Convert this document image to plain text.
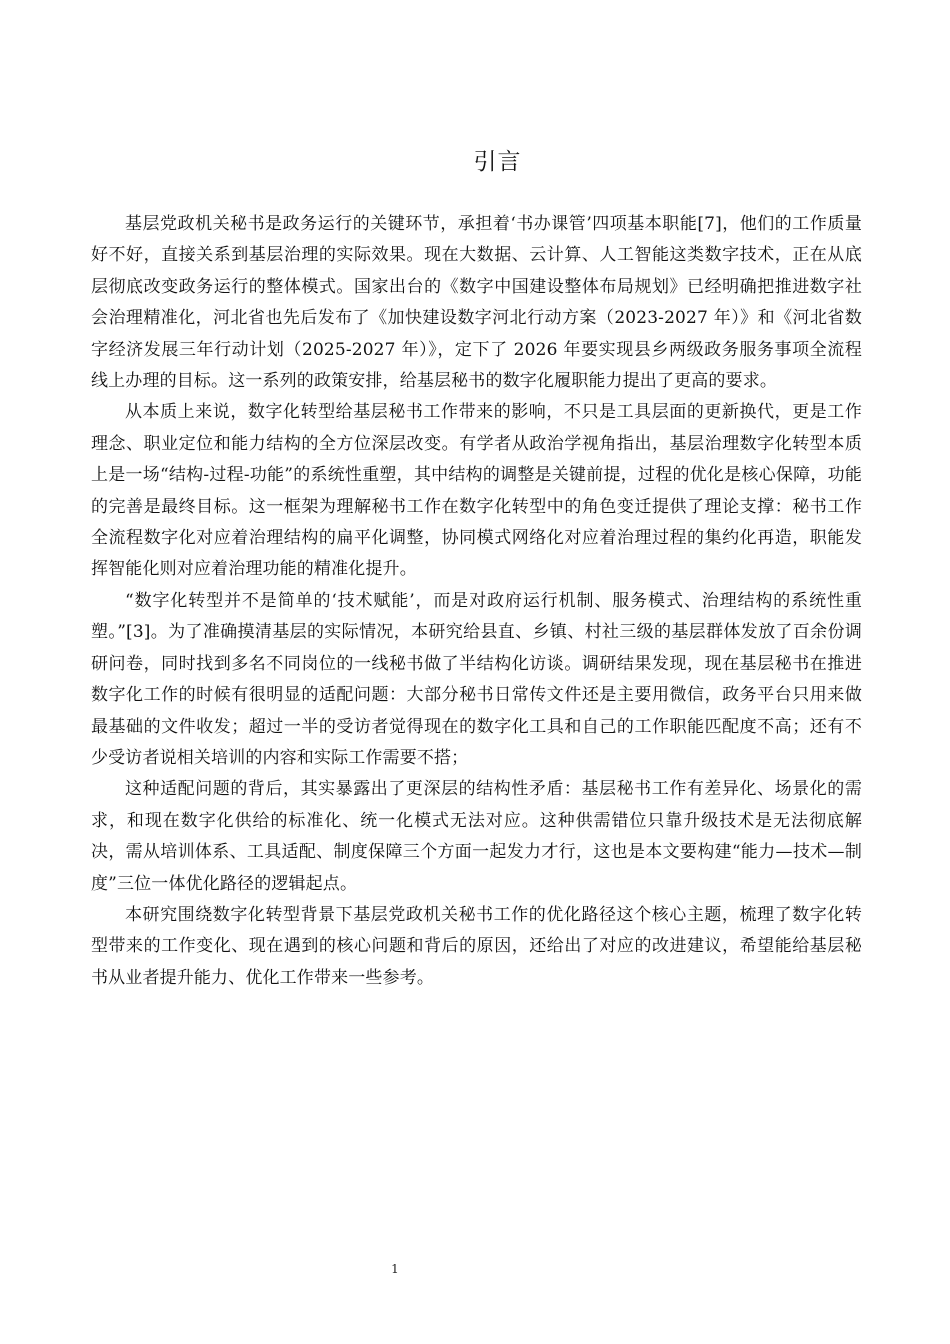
引言

基层党政机关秘书是政务运行的关键环节，承担着‘书办课管’四项基本职能[7]，他们的工作质量好不好，直接关系到基层治理的实际效果。现在大数据、云计算、人工智能这类数字技术，正在从底层彻底改变政务运行的整体模式。国家出台的《数字中国建设整体布局规划》已经明确把推进数字社会治理精准化，河北省也先后发布了《加快建设数字河北行动方案（2023-2027 年）》和《河北省数字经济发展三年行动计划（2025-2027 年）》，定下了 2026 年要实现县乡两级政务服务事项全流程线上办理的目标。这一系列的政策安排，给基层秘书的数字化履职能力提出了更高的要求。

从本质上来说，数字化转型给基层秘书工作带来的影响，不只是工具层面的更新换代，更是工作理念、职业定位和能力结构的全方位深层改变。有学者从政治学视角指出，基层治理数字化转型本质上是一场“结构-过程-功能”的系统性重塑，其中结构的调整是关键前提，过程的优化是核心保障，功能的完善是最终目标。这一框架为理解秘书工作在数字化转型中的角色变迁提供了理论支撑：秘书工作全流程数字化对应着治理结构的扁平化调整，协同模式网络化对应着治理过程的集约化再造，职能发挥智能化则对应着治理功能的精准化提升。

“数字化转型并不是简单的‘技术赋能’，而是对政府运行机制、服务模式、治理结构的系统性重塑。”[3]。为了准确摸清基层的实际情况，本研究给县直、乡镇、村社三级的基层群体发放了百余份调研问卷，同时找到多名不同岗位的一线秘书做了半结构化访谈。调研结果发现，现在基层秘书在推进数字化工作的时候有很明显的适配问题：大部分秘书日常传文件还是主要用微信，政务平台只用来做最基础的文件收发；超过一半的受访者觉得现在的数字化工具和自己的工作职能匹配度不高；还有不少受访者说相关培训的内容和实际工作需要不搭；

这种适配问题的背后，其实暴露出了更深层的结构性矛盾：基层秘书工作有差异化、场景化的需求，和现在数字化供给的标准化、统一化模式无法对应。这种供需错位只靠升级技术是无法彻底解决，需从培训体系、工具适配、制度保障三个方面一起发力才行，这也是本文要构建“能力—技术—制度”三位一体优化路径的逻辑起点。

本研究围绕数字化转型背景下基层党政机关秘书工作的优化路径这个核心主题，梳理了数字化转型带来的工作变化、现在遇到的核心问题和背后的原因，还给出了对应的改进建议，希望能给基层秘书从业者提升能力、优化工作带来一些参考。

1
